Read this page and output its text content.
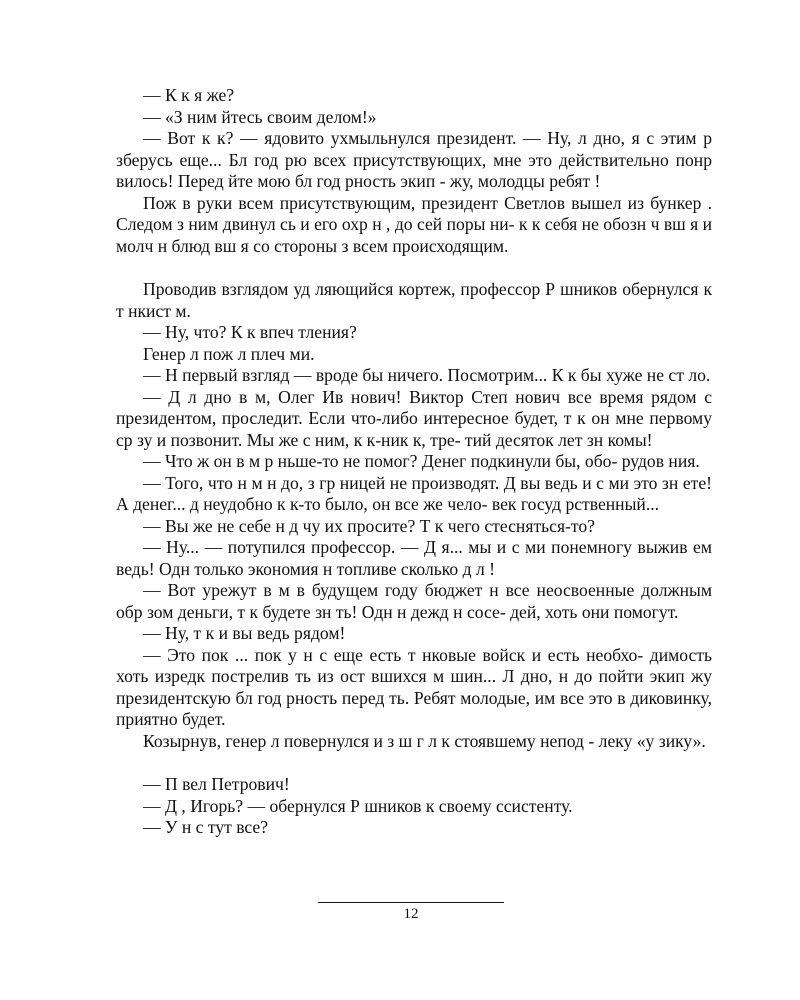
— К к я же?

— «З ним йтесь своим делом!»

— Вот к к? — ядовито ухмыльнулся президент. — Ну, л дно, я с этим р зберусь еще... Бл год рю всех присутствующих, мне это действительно понр вилось! Перед йте мою бл год рность экип - жу, молодцы ребят !

Пож в руки всем присутствующим, президент Светлов вышел из бункер . Следом з ним двинул сь и его охр н , до сей поры ни- к к себя не обозн ч вш я и молч н блюд вш я со стороны з всем происходящим.

Проводив взглядом уд ляющийся кортеж, профессор Р шников обернулся к т нкист м.

— Ну, что? К к впеч тления?

Генер л пож л плеч ми.

— Н первый взгляд — вроде бы ничего. Посмотрим... К к бы хуже не ст ло.

— Д л дно в м, Олег Ив нович! Виктор Степ нович все время рядом с президентом, проследит. Если что-либо интересное будет, т к он мне первому ср зу и позвонит. Мы же с ним, к к-ник к, тре- тий десяток лет зн комы!

— Что ж он в м р ньше-то не помог? Денег подкинули бы, обо- рудов ния.

— Того, что н м н до, з гр ницей не производят. Д вы ведь и с ми это зн ете! А денег... д неудобно к к-то было, он все же чело- век госуд рственный...

— Вы же не себе н д чу их просите? Т к чего стесняться-то?

— Ну... — потупился профессор. — Д я... мы и с ми понемногу выжив ем ведь! Одн только экономия н топливе сколько д л !

— Вот урежут в м в будущем году бюджет н все неосвоенные должным обр зом деньги, т к будете зн ть! Одн н дежд н сосе- дей, хоть они помогут.

— Ну, т к и вы ведь рядом!

— Это пок ... пок у н с еще есть т нковые войск и есть необхо- димость хоть изредк пострелив ть из ост вшихся м шин... Л дно, н до пойти экип жу президентскую бл год рность перед ть. Ребят молодые, им все это в диковинку, приятно будет.

Козырнув, генер л повернулся и з ш г л к стоявшему непод - леку «у зику».

— П вел Петрович!

— Д , Игорь? — обернулся Р шников к своему ссистенту.

— У н с тут все?

12
